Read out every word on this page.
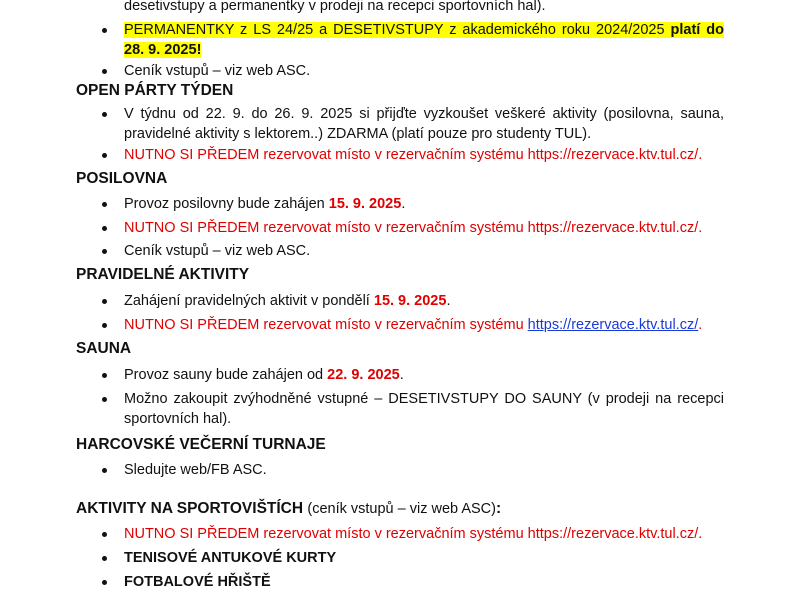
desetivstupy a permanentky v prodeji na recepci sportovních hal).
PERMANENTKY z LS 24/25 a DESETIVSTUPY z akademického roku 2024/2025 platí do 28. 9. 2025!
Ceník vstupů – viz web ASC.
OPEN PÁRTY TÝDEN
V týdnu od 22. 9. do 26. 9. 2025 si přijďte vyzkoušet veškeré aktivity (posilovna, sauna, pravidelné aktivity s lektorem..) ZDARMA (platí pouze pro studenty TUL).
NUTNO SI PŘEDEM rezervovat místo v rezervačním systému https://rezervace.ktv.tul.cz/.
POSILOVNA
Provoz posilovny bude zahájen 15. 9. 2025.
NUTNO SI PŘEDEM rezervovat místo v rezervačním systému https://rezervace.ktv.tul.cz/.
Ceník vstupů – viz web ASC.
PRAVIDELNÉ AKTIVITY
Zahájení pravidelných aktivit v pondělí 15. 9. 2025.
NUTNO SI PŘEDEM rezervovat místo v rezervačním systému https://rezervace.ktv.tul.cz/.
SAUNA
Provoz sauny bude zahájen od 22. 9. 2025.
Možno zakoupit zvýhodněné vstupné – DESETIVSTUPY DO SAUNY (v prodeji na recepci sportovních hal).
HARCOVSKÉ VEČERNÍ TURNAJE
Sledujte web/FB ASC.
AKTIVITY NA SPORTOVIŠTÍCH (ceník vstupů – viz web ASC):
NUTNO SI PŘEDEM rezervovat místo v rezervačním systému https://rezervace.ktv.tul.cz/.
TENISOVÉ ANTUKOVÉ KURTY
FOTBALOVÉ HŘIŠTĚ
